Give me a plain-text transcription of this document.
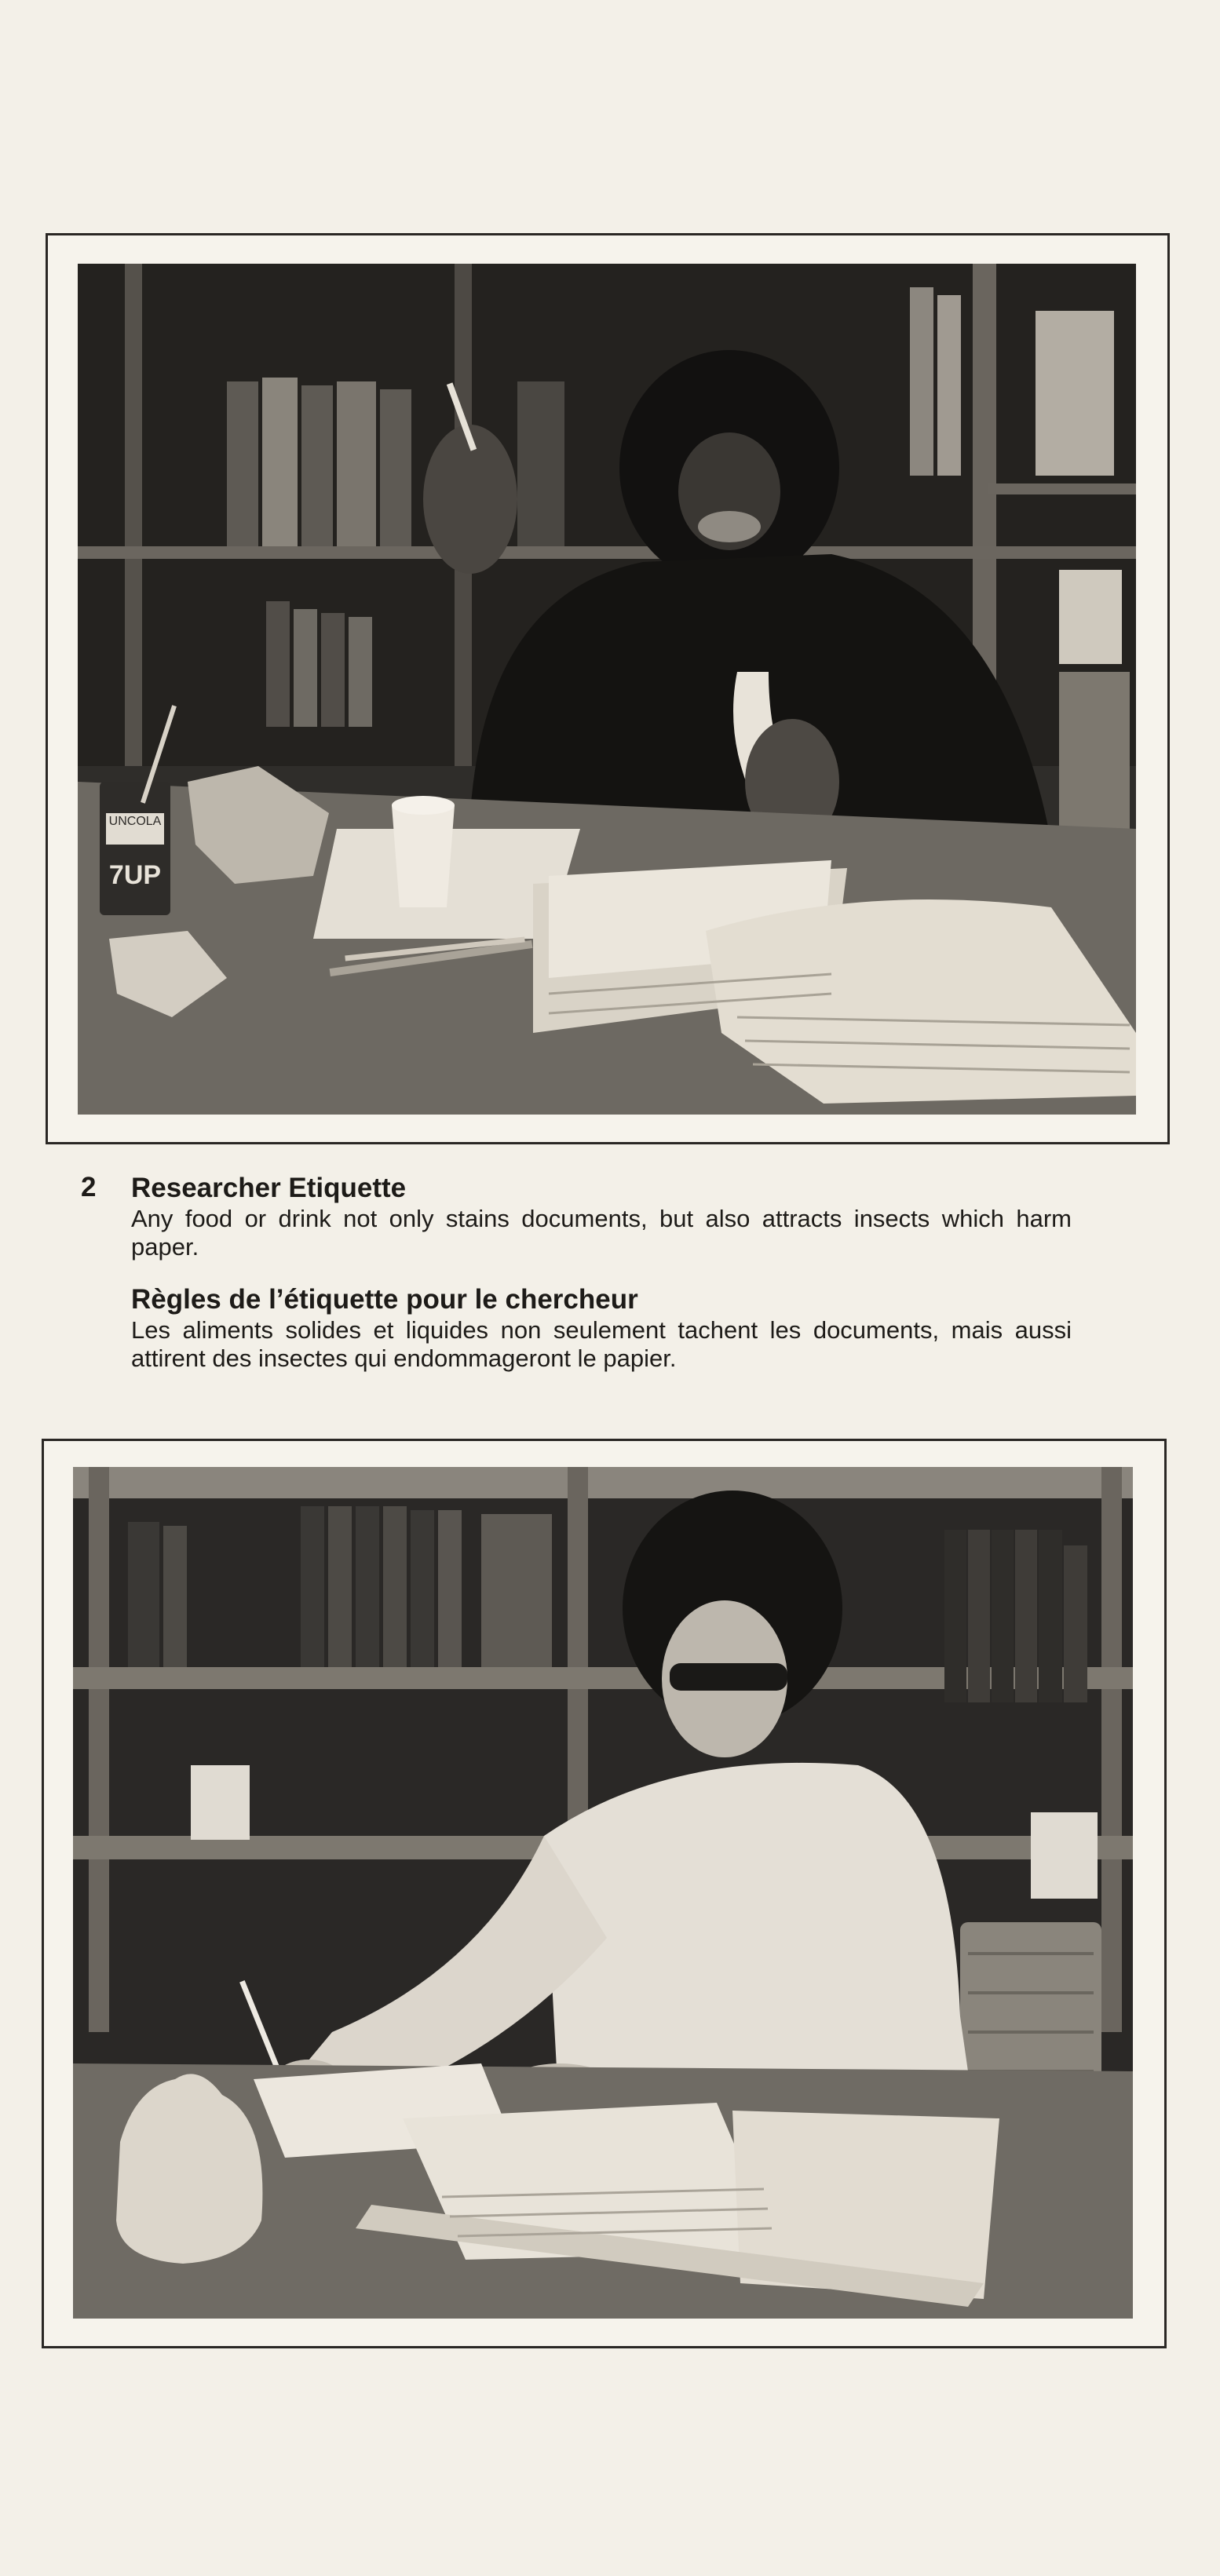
UNCOLA
7UP
2 Researcher Etiquette

Any food or drink not only stains documents, but also attracts insects which harm paper.

Règles de l’étiquette pour le chercheur

Les aliments solides et liquides non seulement tachent les documents, mais aussi attirent des insectes qui endommageront le papier.
